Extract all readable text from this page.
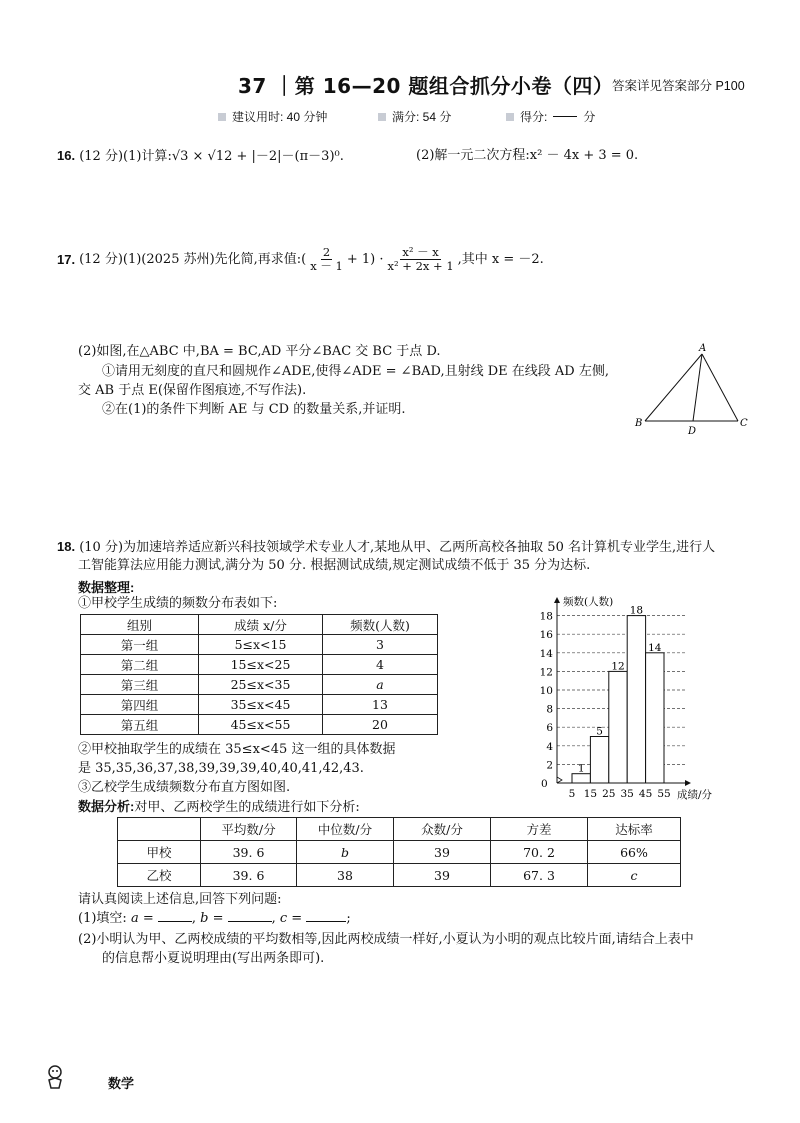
37 ｜第 16—20 题组合抓分小卷（四）
答案详见答案部分 P100
建议用时: 40 分钟	满分: 54 分	得分:	分
16. (12 分)(1)计算:√3 × √12 + |－2|－(π－3)⁰.	(2)解一元二次方程:x² － 4x + 3 = 0.
17. (12 分)(1)(2025 苏州)先化简,再求值:( $\frac{2}{x - 1} + 1) \cdot \frac{\text{x² － x}}{\text{x² + 2x + 1}}$ ,其中 x = －2.
(2)如图,在△ABC 中,BA = BC,AD 平分∠BAC 交 BC 于点 D.
①请用无刻度的直尺和圆规作∠ADE,使得∠ADE = ∠BAD,且射线 DE 在线段 AD 左侧,
交 AB 于点 E(保留作图痕迹,不写作法).
②在(1)的条件下判断 AE 与 CD 的数量关系,并证明.
A
B	C
D
18. (10 分)为加速培养适应新兴科技领域学术专业人才,某地从甲、乙两所高校各抽取 50 名计算机专业学生,进行人
工智能算法应用能力测试,满分为 50 分. 根据测试成绩,规定测试成绩不低于 35 分为达标.
数据整理:
①甲校学生成绩的频数分布表如下:
组别	成绩 x/分	频数(人数)
第一组	5≤x<15	3
第二组	15≤x<25	4
第三组	25≤x<35	a
第四组	35≤x<45	13
第五组	45≤x<55	20
②甲校抽取学生的成绩在 35≤x<45 这一组的具体数据
是 35,35,36,37,38,39,39,39,40,40,41,42,43.
③乙校学生成绩频数分布直方图如图.
数据分析:对甲、乙两校学生的成绩进行如下分析:
2
4
6
8
10
12
14
16
18
5 15 25 35 45 55
1
5
12
18
14
频数(人数)
成绩/分
0
	平均数/分	中位数/分	众数/分	方差	达标率
甲校	39. 6	b	39	70. 2	66%
乙校	39. 6	38	39	67. 3	c
请认真阅读上述信息,回答下列问题:
(1)填空: a =	, b =	, c =	;
(2)小明认为甲、乙两校成绩的平均数相等,因此两校成绩一样好,小夏认为小明的观点比较片面,请结合上表中
的信息帮小夏说明理由(写出两条即可).
数学
